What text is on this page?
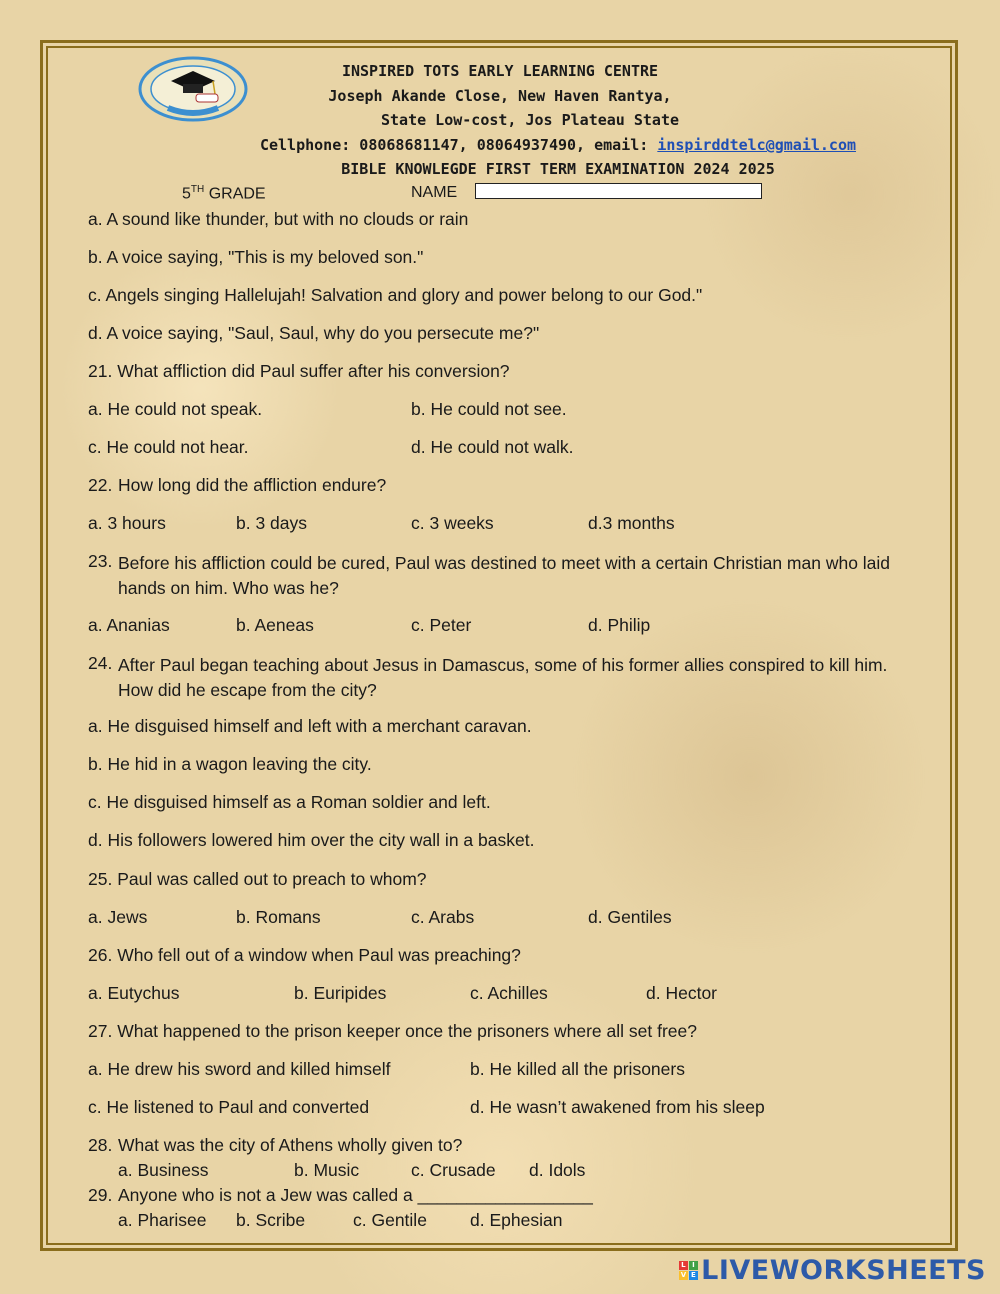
INSPIRED TOTS EARLY LEARNING CENTRE
Joseph Akande Close, New Haven Rantya,
State Low-cost, Jos Plateau State
Cellphone: 08068681147, 08064937490, email: inspirddtelc@gmail.com
BIBLE KNOWLEGDE FIRST TERM EXAMINATION 2024 2025
5TH GRADE	NAME
a. A sound like thunder, but with no clouds or rain
b. A voice saying, "This is my beloved son."
c. Angels singing Hallelujah! Salvation and glory and power belong to our God."
d. A voice saying, "Saul, Saul, why do you persecute me?"
21. What affliction did Paul suffer after his conversion?
a. He could not speak.	b. He could not see.
c. He could not hear.	d. He could not walk.
22. How long did the affliction endure?
a. 3 hours	b. 3 days	c. 3 weeks	d.3 months
23. Before his affliction could be cured, Paul was destined to meet with a certain Christian man who laid hands on him. Who was he?
a. Ananias	b. Aeneas	c. Peter	d. Philip
24. After Paul began teaching about Jesus in Damascus, some of his former allies conspired to kill him. How did he escape from the city?
a. He disguised himself and left with a merchant caravan.
b. He hid in a wagon leaving the city.
c. He disguised himself as a Roman soldier and left.
d. His followers lowered him over the city wall in a basket.
25. Paul was called out to preach to whom?
a. Jews	b. Romans	c. Arabs	d. Gentiles
26. Who fell out of a window when Paul was preaching?
a. Eutychus	b. Euripides	c. Achilles	d. Hector
27. What happened to the prison keeper once the prisoners where all set free?
a. He drew his sword and killed himself	b. He killed all the prisoners
c. He listened to Paul and converted	d. He wasn’t awakened from his sleep
28. What was the city of Athens wholly given to?
a. Business	b. Music	c. Crusade d. Idols
29. Anyone who is not a Jew was called a __________________
a. Pharisee b. Scribe	c. Gentile d. Ephesian
L I
V E LIVEWORKSHEETS
